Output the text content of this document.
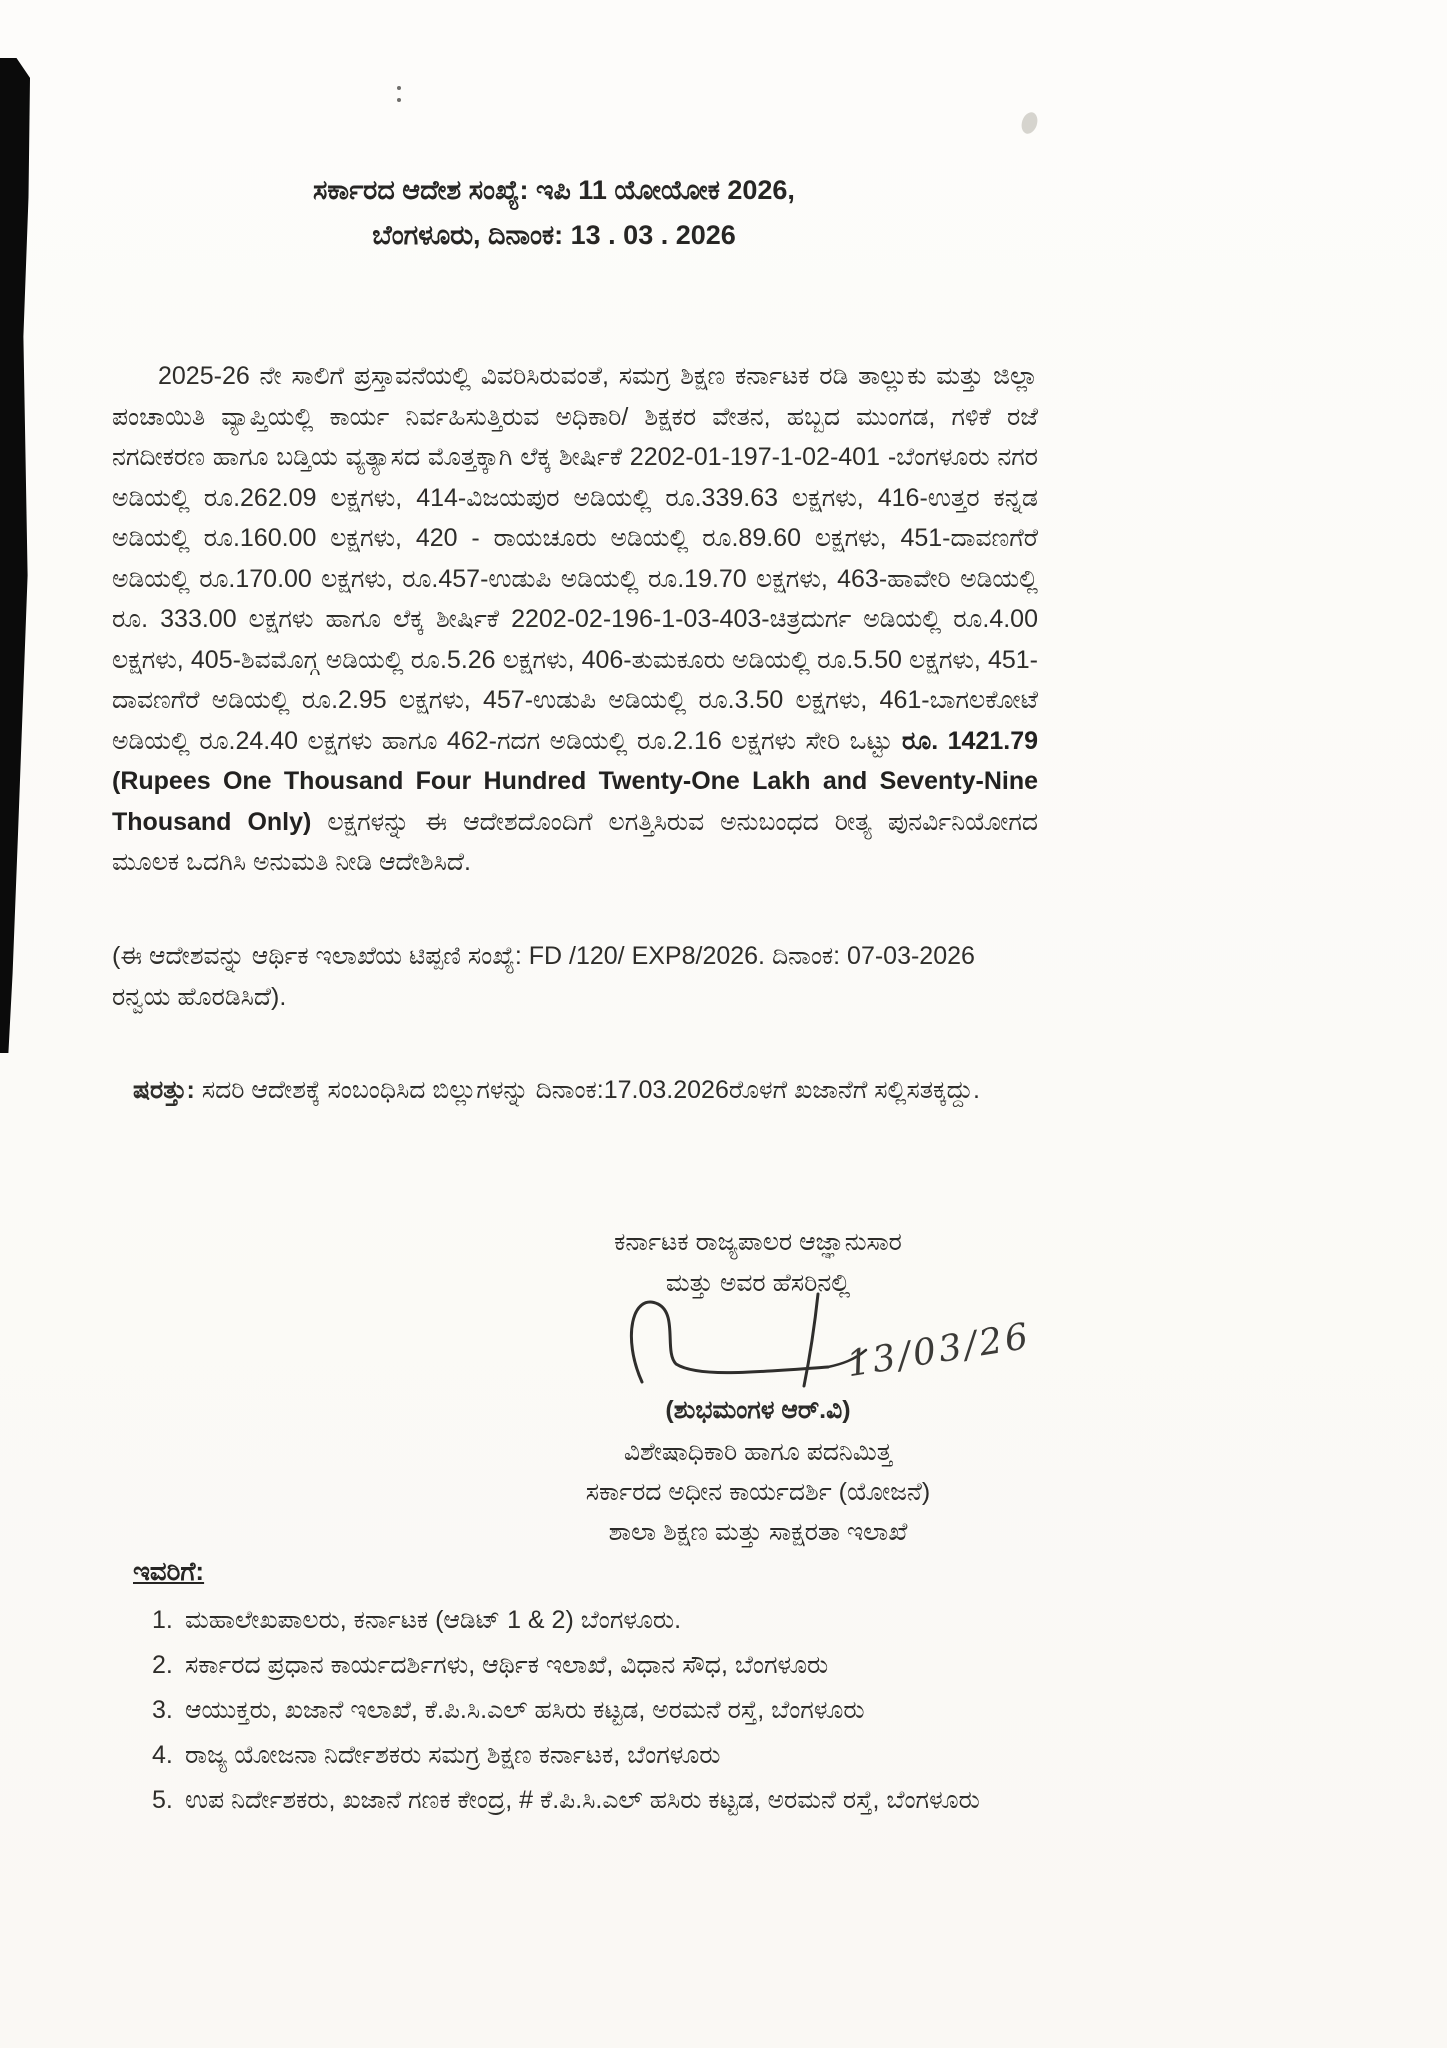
ಸರ್ಕಾರದ ಆದೇಶ ಸಂಖ್ಯೆ: ಇಪಿ 11 ಯೋಯೋಕ 2026,
ಬೆಂಗಳೂರು, ದಿನಾಂಕ: 13 . 03 . 2026
2025-26 ನೇ ಸಾಲಿಗೆ ಪ್ರಸ್ತಾವನೆಯಲ್ಲಿ ವಿವರಿಸಿರುವಂತೆ, ಸಮಗ್ರ ಶಿಕ್ಷಣ ಕರ್ನಾಟಕ ರಡಿ ತಾಲ್ಲುಕು ಮತ್ತು ಜಿಲ್ಲಾ ಪಂಚಾಯಿತಿ ವ್ಯಾಪ್ತಿಯಲ್ಲಿ ಕಾರ್ಯ ನಿರ್ವಹಿಸುತ್ತಿರುವ ಅಧಿಕಾರಿ/ ಶಿಕ್ಷಕರ ವೇತನ, ಹಬ್ಬದ ಮುಂಗಡ, ಗಳಿಕೆ ರಜೆ ನಗದೀಕರಣ ಹಾಗೂ ಬಡ್ತಿಯ ವ್ಯತ್ಯಾಸದ ಮೊತ್ತಕ್ಕಾಗಿ ಲೆಕ್ಕ ಶೀರ್ಷಿಕೆ 2202-01-197-1-02-401 -ಬೆಂಗಳೂರು ನಗರ ಅಡಿಯಲ್ಲಿ ರೂ.262.09 ಲಕ್ಷಗಳು, 414-ವಿಜಯಪುರ ಅಡಿಯಲ್ಲಿ ರೂ.339.63 ಲಕ್ಷಗಳು, 416-ಉತ್ತರ ಕನ್ನಡ ಅಡಿಯಲ್ಲಿ ರೂ.160.00 ಲಕ್ಷಗಳು, 420 - ರಾಯಚೂರು ಅಡಿಯಲ್ಲಿ ರೂ.89.60 ಲಕ್ಷಗಳು, 451-ದಾವಣಗೆರೆ ಅಡಿಯಲ್ಲಿ ರೂ.170.00 ಲಕ್ಷಗಳು, ರೂ.457-ಉಡುಪಿ ಅಡಿಯಲ್ಲಿ ರೂ.19.70 ಲಕ್ಷಗಳು, 463-ಹಾವೇರಿ ಅಡಿಯಲ್ಲಿ ರೂ. 333.00 ಲಕ್ಷಗಳು ಹಾಗೂ ಲೆಕ್ಕ ಶೀರ್ಷಿಕೆ 2202-02-196-1-03-403-ಚಿತ್ರದುರ್ಗ ಅಡಿಯಲ್ಲಿ ರೂ.4.00 ಲಕ್ಷಗಳು, 405-ಶಿವಮೊಗ್ಗ ಅಡಿಯಲ್ಲಿ ರೂ.5.26 ಲಕ್ಷಗಳು, 406-ತುಮಕೂರು ಅಡಿಯಲ್ಲಿ ರೂ.5.50 ಲಕ್ಷಗಳು, 451-ದಾವಣಗೆರೆ ಅಡಿಯಲ್ಲಿ ರೂ.2.95 ಲಕ್ಷಗಳು, 457-ಉಡುಪಿ ಅಡಿಯಲ್ಲಿ ರೂ.3.50 ಲಕ್ಷಗಳು, 461-ಬಾಗಲಕೋಟೆ ಅಡಿಯಲ್ಲಿ ರೂ.24.40 ಲಕ್ಷಗಳು ಹಾಗೂ 462-ಗದಗ ಅಡಿಯಲ್ಲಿ ರೂ.2.16 ಲಕ್ಷಗಳು ಸೇರಿ ಒಟ್ಟು ರೂ. 1421.79 (Rupees One Thousand Four Hundred Twenty-One Lakh and Seventy-Nine Thousand Only) ಲಕ್ಷಗಳನ್ನು ಈ ಆದೇಶದೊಂದಿಗೆ ಲಗತ್ತಿಸಿರುವ ಅನುಬಂಧದ ರೀತ್ಯ ಪುನರ್ವಿನಿಯೋಗದ ಮೂಲಕ ಒದಗಿಸಿ ಅನುಮತಿ ನೀಡಿ ಆದೇಶಿಸಿದೆ.
(ಈ ಆದೇಶವನ್ನು ಆರ್ಥಿಕ ಇಲಾಖೆಯ ಟಿಪ್ಪಣಿ ಸಂಖ್ಯೆ: FD /120/ EXP8/2026. ದಿನಾಂಕ: 07-03-2026 ರನ್ವಯ ಹೊರಡಿಸಿದೆ).
ಷರತ್ತು: ಸದರಿ ಆದೇಶಕ್ಕೆ ಸಂಬಂಧಿಸಿದ ಬಿಲ್ಲುಗಳನ್ನು ದಿನಾಂಕ:17.03.2026ರೊಳಗೆ ಖಜಾನೆಗೆ ಸಲ್ಲಿಸತಕ್ಕದ್ದು.
ಕರ್ನಾಟಕ ರಾಜ್ಯಪಾಲರ ಆಜ್ಞಾನುಸಾರ
ಮತ್ತು ಅವರ ಹೆಸರಿನಲ್ಲಿ
13/03/26
(ಶುಭಮಂಗಳ ಆರ್.ವಿ)
ವಿಶೇಷಾಧಿಕಾರಿ ಹಾಗೂ ಪದನಿಮಿತ್ತ
ಸರ್ಕಾರದ ಅಧೀನ ಕಾರ್ಯದರ್ಶಿ (ಯೋಜನೆ)
ಶಾಲಾ ಶಿಕ್ಷಣ ಮತ್ತು ಸಾಕ್ಷರತಾ ಇಲಾಖೆ
ಇವರಿಗೆ:
1. ಮಹಾಲೇಖಪಾಲರು, ಕರ್ನಾಟಕ (ಆಡಿಟ್ 1 & 2) ಬೆಂಗಳೂರು.
2. ಸರ್ಕಾರದ ಪ್ರಧಾನ ಕಾರ್ಯದರ್ಶಿಗಳು, ಆರ್ಥಿಕ ಇಲಾಖೆ, ವಿಧಾನ ಸೌಧ, ಬೆಂಗಳೂರು
3. ಆಯುಕ್ತರು, ಖಜಾನೆ ಇಲಾಖೆ, ಕೆ.ಪಿ.ಸಿ.ಎಲ್ ಹಸಿರು ಕಟ್ಟಡ, ಅರಮನೆ ರಸ್ತೆ, ಬೆಂಗಳೂರು
4. ರಾಜ್ಯ ಯೋಜನಾ ನಿರ್ದೇಶಕರು ಸಮಗ್ರ ಶಿಕ್ಷಣ ಕರ್ನಾಟಕ, ಬೆಂಗಳೂರು
5. ಉಪ ನಿರ್ದೇಶಕರು, ಖಜಾನೆ ಗಣಕ ಕೇಂದ್ರ, # ಕೆ.ಪಿ.ಸಿ.ಎಲ್ ಹಸಿರು ಕಟ್ಟಡ, ಅರಮನೆ ರಸ್ತೆ, ಬೆಂಗಳೂರು
